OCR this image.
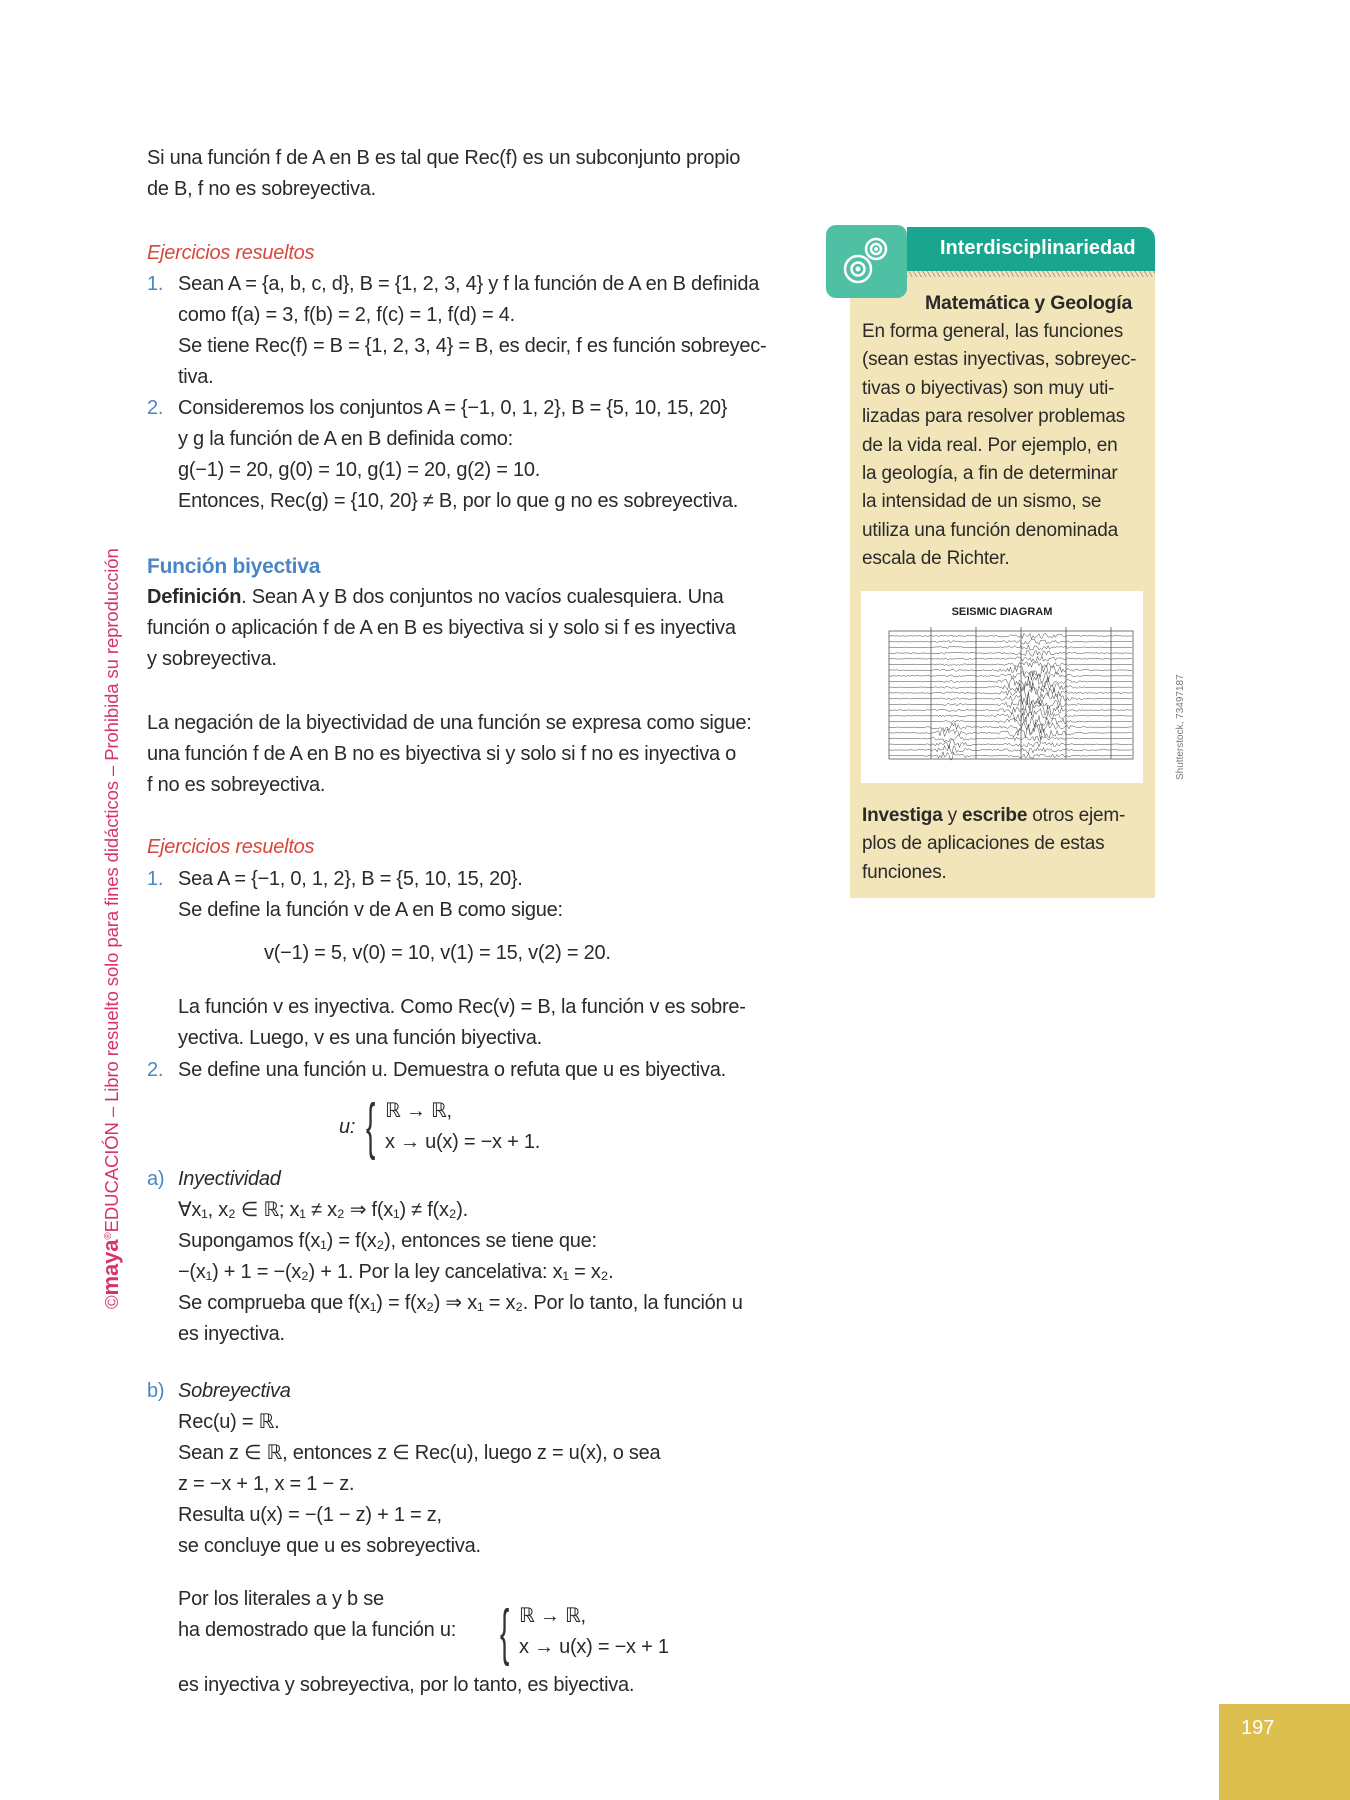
©maya®EDUCACIÓN – Libro resuelto solo para fines didácticos – Prohibida su reproducción
Si una función f de A en B es tal que Rec(f) es un subconjunto propio
de B, f no es sobreyectiva.
Ejercicios resueltos
1. Sean A = {a, b, c, d}, B = {1, 2, 3, 4} y f la función de A en B definida
como f(a) = 3, f(b) = 2, f(c) = 1, f(d) = 4.
Se tiene Rec(f) = B = {1, 2, 3, 4} = B, es decir, f es función sobreyec-
tiva.
2. Consideremos los conjuntos A = {−1, 0, 1, 2}, B = {5, 10, 15, 20}
y g la función de A en B definida como:
g(−1) = 20, g(0) = 10, g(1) = 20, g(2) = 10.
Entonces, Rec(g) = {10, 20} ≠ B, por lo que g no es sobreyectiva.
Función biyectiva
Definición. Sean A y B dos conjuntos no vacíos cualesquiera. Una
función o aplicación f de A en B es biyectiva si y solo si f es inyectiva
y sobreyectiva.
La negación de la biyectividad de una función se expresa como sigue:
una función f de A en B no es biyectiva si y solo si f no es inyectiva o
f no es sobreyectiva.
Ejercicios resueltos
1. Sea A = {−1, 0, 1, 2}, B = {5, 10, 15, 20}.
Se define la función v de A en B como sigue:
v(−1) = 5, v(0) = 10, v(1) = 15, v(2) = 20.
La función v es inyectiva. Como Rec(v) = B, la función v es sobre-
yectiva. Luego, v es una función biyectiva.
2. Se define una función u. Demuestra o refuta que u es biyectiva.
u: { ℝ → ℝ,
x → u(x) = −x + 1.
a) Inyectividad
∀x₁, x₂ ∈ ℝ; x₁ ≠ x₂ ⇒ f(x₁) ≠ f(x₂).
Supongamos f(x₁) = f(x₂), entonces se tiene que:
−(x₁) + 1 = −(x₂) + 1. Por la ley cancelativa: x₁ = x₂.
Se comprueba que f(x₁) = f(x₂) ⇒ x₁ = x₂. Por lo tanto, la función u
es inyectiva.
b) Sobreyectiva
Rec(u) = ℝ.
Sean z ∈ ℝ, entonces z ∈ Rec(u), luego z = u(x), o sea
z = −x + 1, x = 1 − z.
Resulta u(x) = −(1 − z) + 1 = z,
se concluye que u es sobreyectiva.
Por los literales a y b se
ha demostrado que la función u: { ℝ → ℝ,
x → u(x) = −x + 1
es inyectiva y sobreyectiva, por lo tanto, es biyectiva.
Interdisciplinariedad
Matemática y Geología
En forma general, las funciones
(sean estas inyectivas, sobreyec-
tivas o biyectivas) son muy uti-
lizadas para resolver problemas
de la vida real. Por ejemplo, en
la geología, a fin de determinar
la intensidad de un sismo, se
utiliza una función denominada
escala de Richter.
SEISMIC DIAGRAM
Shutterstock, 73497187
Investiga y escribe otros ejem-
plos de aplicaciones de estas
funciones.
197
